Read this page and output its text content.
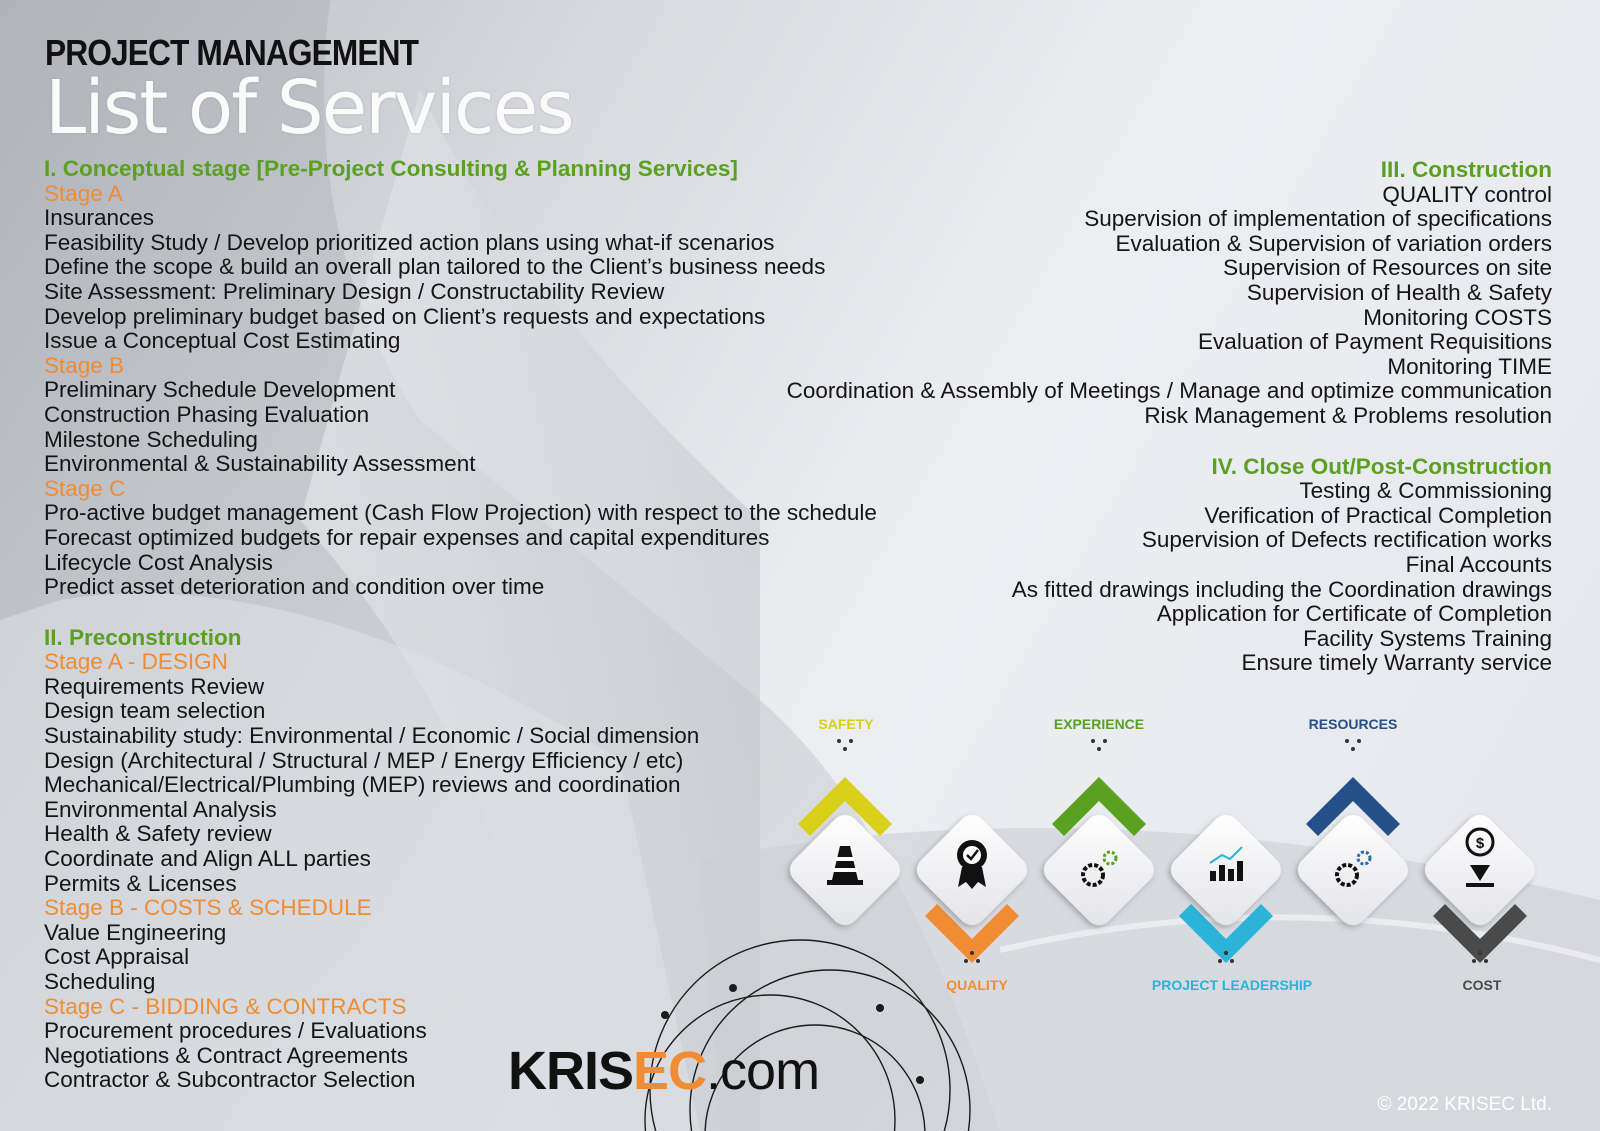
PROJECT MANAGEMENT
List of Services
I. Conceptual stage [Pre-Project Consulting & Planning Services]
Stage A
Insurances
Feasibility Study / Develop prioritized action plans using what-if scenarios
Define the scope & build an overall plan tailored to the Client’s business needs
Site Assessment: Preliminary Design / Constructability Review
Develop preliminary budget based on Client’s requests and expectations
Issue a Conceptual Cost Estimating
Stage B
Preliminary Schedule Development
Construction Phasing Evaluation
Milestone Scheduling
Environmental & Sustainability Assessment
Stage C
Pro-active budget management (Cash Flow Projection) with respect to the schedule
Forecast optimized budgets for repair expenses and capital expenditures
Lifecycle Cost Analysis
Predict asset deterioration and condition over time
II. Preconstruction
Stage A - DESIGN
Requirements Review
Design team selection
Sustainability study: Environmental / Economic / Social dimension
Design (Architectural / Structural / MEP / Energy Efficiency / etc)
Mechanical/Electrical/Plumbing (MEP) reviews and coordination
Environmental Analysis
Health & Safety review
Coordinate and Align ALL parties
Permits & Licenses
Stage B - COSTS & SCHEDULE
Value Engineering
Cost Appraisal
Scheduling
Stage C - BIDDING & CONTRACTS
Procurement procedures / Evaluations
Negotiations & Contract Agreements
Contractor & Subcontractor Selection
III. Construction
QUALITY control
Supervision of implementation of specifications
Evaluation & Supervision of variation orders
Supervision of Resources on site
Supervision of Health & Safety
Monitoring COSTS
Evaluation of Payment Requisitions
Monitoring TIME
Coordination & Assembly of Meetings / Manage and optimize communication
Risk Management & Problems resolution
IV. Close Out/Post-Construction
Testing & Commissioning
Verification of Practical Completion
Supervision of Defects rectification works
Final Accounts
As fitted drawings including the Coordination drawings
Application for Certificate of Completion
Facility Systems Training
Ensure timely Warranty service
$
SAFETY	EXPERIENCE	RESOURCES
QUALITY	PROJECT LEADERSHIP	COST
KRISEC.com
© 2022 KRISEC Ltd.
